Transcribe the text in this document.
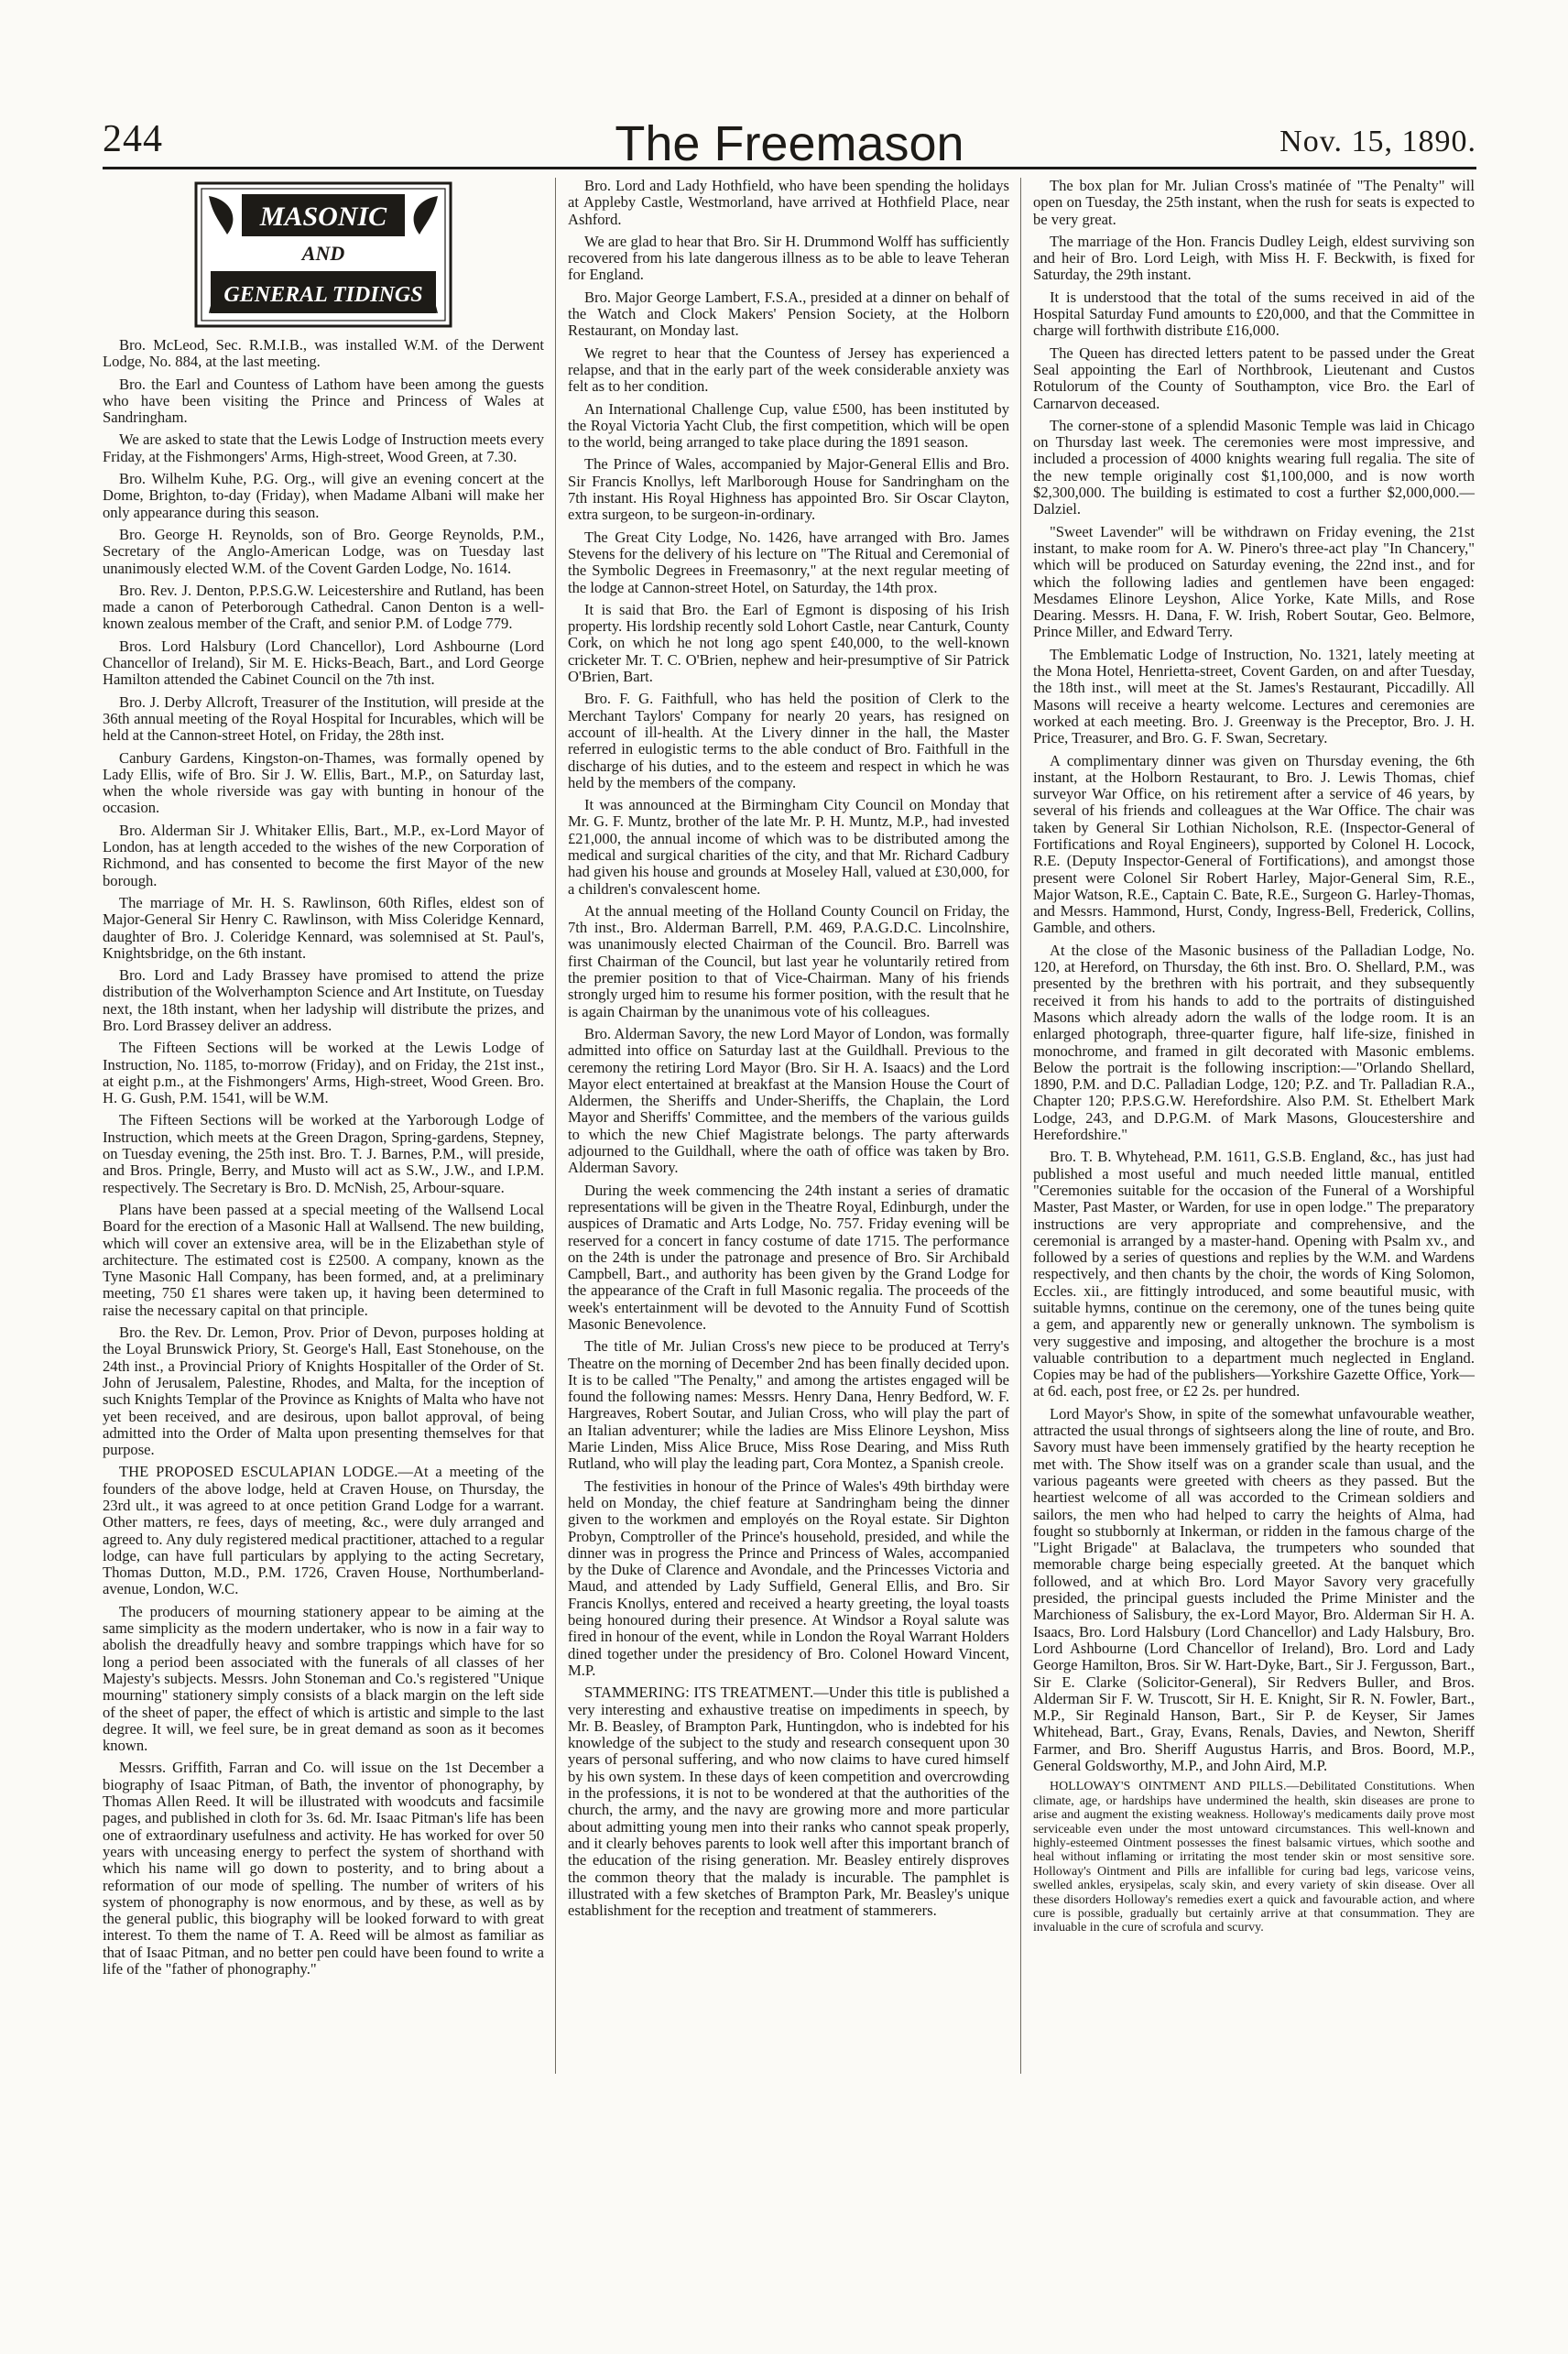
244	The Freemason	Nov. 15, 1890.
MASONIC
AND
GENERAL TIDINGS

Bro. McLeod, Sec. R.M.I.B., was installed W.M. of the Derwent Lodge, No. 884, at the last meeting.

Bro. the Earl and Countess of Lathom have been among the guests who have been visiting the Prince and Princess of Wales at Sandringham.

We are asked to state that the Lewis Lodge of Instruction meets every Friday, at the Fishmongers' Arms, High-street, Wood Green, at 7.30.

Bro. Wilhelm Kuhe, P.G. Org., will give an evening concert at the Dome, Brighton, to-day (Friday), when Madame Albani will make her only appearance during this season.

Bro. George H. Reynolds, son of Bro. George Reynolds, P.M., Secretary of the Anglo-American Lodge, was on Tuesday last unanimously elected W.M. of the Covent Garden Lodge, No. 1614.

Bro. Rev. J. Denton, P.P.S.G.W. Leicestershire and Rutland, has been made a canon of Peterborough Cathedral. Canon Denton is a well-known zealous member of the Craft, and senior P.M. of Lodge 779.

Bros. Lord Halsbury (Lord Chancellor), Lord Ashbourne (Lord Chancellor of Ireland), Sir M. E. Hicks-Beach, Bart., and Lord George Hamilton attended the Cabinet Council on the 7th inst.

Bro. J. Derby Allcroft, Treasurer of the Institution, will preside at the 36th annual meeting of the Royal Hospital for Incurables, which will be held at the Cannon-street Hotel, on Friday, the 28th inst.

Canbury Gardens, Kingston-on-Thames, was formally opened by Lady Ellis, wife of Bro. Sir J. W. Ellis, Bart., M.P., on Saturday last, when the whole riverside was gay with bunting in honour of the occasion.

Bro. Alderman Sir J. Whitaker Ellis, Bart., M.P., ex-Lord Mayor of London, has at length acceded to the wishes of the new Corporation of Richmond, and has consented to become the first Mayor of the new borough.

The marriage of Mr. H. S. Rawlinson, 60th Rifles, eldest son of Major-General Sir Henry C. Rawlinson, with Miss Coleridge Kennard, daughter of Bro. J. Coleridge Kennard, was solemnised at St. Paul's, Knightsbridge, on the 6th instant.

Bro. Lord and Lady Brassey have promised to attend the prize distribution of the Wolverhampton Science and Art Institute, on Tuesday next, the 18th instant, when her ladyship will distribute the prizes, and Bro. Lord Brassey deliver an address.

The Fifteen Sections will be worked at the Lewis Lodge of Instruction, No. 1185, to-morrow (Friday), and on Friday, the 21st inst., at eight p.m., at the Fishmongers' Arms, High-street, Wood Green. Bro. H. G. Gush, P.M. 1541, will be W.M.

The Fifteen Sections will be worked at the Yarborough Lodge of Instruction, which meets at the Green Dragon, Spring-gardens, Stepney, on Tuesday evening, the 25th inst. Bro. T. J. Barnes, P.M., will preside, and Bros. Pringle, Berry, and Musto will act as S.W., J.W., and I.P.M. respectively. The Secretary is Bro. D. McNish, 25, Arbour-square.

Plans have been passed at a special meeting of the Wallsend Local Board for the erection of a Masonic Hall at Wallsend. The new building, which will cover an extensive area, will be in the Elizabethan style of architecture. The estimated cost is £2500. A company, known as the Tyne Masonic Hall Company, has been formed, and, at a preliminary meeting, 750 £1 shares were taken up, it having been determined to raise the necessary capital on that principle.

Bro. the Rev. Dr. Lemon, Prov. Prior of Devon, purposes holding at the Loyal Brunswick Priory, St. George's Hall, East Stonehouse, on the 24th inst., a Provincial Priory of Knights Hospitaller of the Order of St. John of Jerusalem, Palestine, Rhodes, and Malta, for the inception of such Knights Templar of the Province as Knights of Malta who have not yet been received, and are desirous, upon ballot approval, of being admitted into the Order of Malta upon presenting themselves for that purpose.

THE PROPOSED ESCULAPIAN LODGE.—At a meeting of the founders of the above lodge, held at Craven House, on Thursday, the 23rd ult., it was agreed to at once petition Grand Lodge for a warrant. Other matters, re fees, days of meeting, &c., were duly arranged and agreed to. Any duly registered medical practitioner, attached to a regular lodge, can have full particulars by applying to the acting Secretary, Thomas Dutton, M.D., P.M. 1726, Craven House, Northumberland-avenue, London, W.C.

The producers of mourning stationery appear to be aiming at the same simplicity as the modern undertaker, who is now in a fair way to abolish the dreadfully heavy and sombre trappings which have for so long a period been associated with the funerals of all classes of her Majesty's subjects. Messrs. John Stoneman and Co.'s registered "Unique mourning" stationery simply consists of a black margin on the left side of the sheet of paper, the effect of which is artistic and simple to the last degree. It will, we feel sure, be in great demand as soon as it becomes known.

Messrs. Griffith, Farran and Co. will issue on the 1st December a biography of Isaac Pitman, of Bath, the inventor of phonography, by Thomas Allen Reed. It will be illustrated with woodcuts and facsimile pages, and published in cloth for 3s. 6d. Mr. Isaac Pitman's life has been one of extraordinary usefulness and activity. He has worked for over 50 years with unceasing energy to perfect the system of shorthand with which his name will go down to posterity, and to bring about a reformation of our mode of spelling. The number of writers of his system of phonography is now enormous, and by these, as well as by the general public, this biography will be looked forward to with great interest. To them the name of T. A. Reed will be almost as familiar as that of Isaac Pitman, and no better pen could have been found to write a life of the "father of phonography."

Bro. Lord and Lady Hothfield, who have been spending the holidays at Appleby Castle, Westmorland, have arrived at Hothfield Place, near Ashford.

We are glad to hear that Bro. Sir H. Drummond Wolff has sufficiently recovered from his late dangerous illness as to be able to leave Teheran for England.

Bro. Major George Lambert, F.S.A., presided at a dinner on behalf of the Watch and Clock Makers' Pension Society, at the Holborn Restaurant, on Monday last.

We regret to hear that the Countess of Jersey has experienced a relapse, and that in the early part of the week considerable anxiety was felt as to her condition.

An International Challenge Cup, value £500, has been instituted by the Royal Victoria Yacht Club, the first competition, which will be open to the world, being arranged to take place during the 1891 season.

The Prince of Wales, accompanied by Major-General Ellis and Bro. Sir Francis Knollys, left Marlborough House for Sandringham on the 7th instant. His Royal Highness has appointed Bro. Sir Oscar Clayton, extra surgeon, to be surgeon-in-ordinary.

The Great City Lodge, No. 1426, have arranged with Bro. James Stevens for the delivery of his lecture on "The Ritual and Ceremonial of the Symbolic Degrees in Freemasonry," at the next regular meeting of the lodge at Cannon-street Hotel, on Saturday, the 14th prox.

It is said that Bro. the Earl of Egmont is disposing of his Irish property. His lordship recently sold Lohort Castle, near Canturk, County Cork, on which he not long ago spent £40,000, to the well-known cricketer Mr. T. C. O'Brien, nephew and heir-presumptive of Sir Patrick O'Brien, Bart.

Bro. F. G. Faithfull, who has held the position of Clerk to the Merchant Taylors' Company for nearly 20 years, has resigned on account of ill-health. At the Livery dinner in the hall, the Master referred in eulogistic terms to the able conduct of Bro. Faithfull in the discharge of his duties, and to the esteem and respect in which he was held by the members of the company.

It was announced at the Birmingham City Council on Monday that Mr. G. F. Muntz, brother of the late Mr. P. H. Muntz, M.P., had invested £21,000, the annual income of which was to be distributed among the medical and surgical charities of the city, and that Mr. Richard Cadbury had given his house and grounds at Moseley Hall, valued at £30,000, for a children's convalescent home.

At the annual meeting of the Holland County Council on Friday, the 7th inst., Bro. Alderman Barrell, P.M. 469, P.A.G.D.C. Lincolnshire, was unanimously elected Chairman of the Council. Bro. Barrell was first Chairman of the Council, but last year he voluntarily retired from the premier position to that of Vice-Chairman. Many of his friends strongly urged him to resume his former position, with the result that he is again Chairman by the unanimous vote of his colleagues.

Bro. Alderman Savory, the new Lord Mayor of London, was formally admitted into office on Saturday last at the Guildhall. Previous to the ceremony the retiring Lord Mayor (Bro. Sir H. A. Isaacs) and the Lord Mayor elect entertained at breakfast at the Mansion House the Court of Aldermen, the Sheriffs and Under-Sheriffs, the Chaplain, the Lord Mayor and Sheriffs' Committee, and the members of the various guilds to which the new Chief Magistrate belongs. The party afterwards adjourned to the Guildhall, where the oath of office was taken by Bro. Alderman Savory.

During the week commencing the 24th instant a series of dramatic representations will be given in the Theatre Royal, Edinburgh, under the auspices of Dramatic and Arts Lodge, No. 757. Friday evening will be reserved for a concert in fancy costume of date 1715. The performance on the 24th is under the patronage and presence of Bro. Sir Archibald Campbell, Bart., and authority has been given by the Grand Lodge for the appearance of the Craft in full Masonic regalia. The proceeds of the week's entertainment will be devoted to the Annuity Fund of Scottish Masonic Benevolence.

The title of Mr. Julian Cross's new piece to be produced at Terry's Theatre on the morning of December 2nd has been finally decided upon. It is to be called "The Penalty," and among the artistes engaged will be found the following names: Messrs. Henry Dana, Henry Bedford, W. F. Hargreaves, Robert Soutar, and Julian Cross, who will play the part of an Italian adventurer; while the ladies are Miss Elinore Leyshon, Miss Marie Linden, Miss Alice Bruce, Miss Rose Dearing, and Miss Ruth Rutland, who will play the leading part, Cora Montez, a Spanish creole.

The festivities in honour of the Prince of Wales's 49th birthday were held on Monday, the chief feature at Sandringham being the dinner given to the workmen and employés on the Royal estate. Sir Dighton Probyn, Comptroller of the Prince's household, presided, and while the dinner was in progress the Prince and Princess of Wales, accompanied by the Duke of Clarence and Avondale, and the Princesses Victoria and Maud, and attended by Lady Suffield, General Ellis, and Bro. Sir Francis Knollys, entered and received a hearty greeting, the loyal toasts being honoured during their presence. At Windsor a Royal salute was fired in honour of the event, while in London the Royal Warrant Holders dined together under the presidency of Bro. Colonel Howard Vincent, M.P.

STAMMERING: ITS TREATMENT.—Under this title is published a very interesting and exhaustive treatise on impediments in speech, by Mr. B. Beasley, of Brampton Park, Huntingdon, who is indebted for his knowledge of the subject to the study and research consequent upon 30 years of personal suffering, and who now claims to have cured himself by his own system. In these days of keen competition and overcrowding in the professions, it is not to be wondered at that the authorities of the church, the army, and the navy are growing more and more particular about admitting young men into their ranks who cannot speak properly, and it clearly behoves parents to look well after this important branch of the education of the rising generation. Mr. Beasley entirely disproves the common theory that the malady is incurable. The pamphlet is illustrated with a few sketches of Brampton Park, Mr. Beasley's unique establishment for the reception and treatment of stammerers.

The box plan for Mr. Julian Cross's matinée of "The Penalty" will open on Tuesday, the 25th instant, when the rush for seats is expected to be very great.

The marriage of the Hon. Francis Dudley Leigh, eldest surviving son and heir of Bro. Lord Leigh, with Miss H. F. Beckwith, is fixed for Saturday, the 29th instant.

It is understood that the total of the sums received in aid of the Hospital Saturday Fund amounts to £20,000, and that the Committee in charge will forthwith distribute £16,000.

The Queen has directed letters patent to be passed under the Great Seal appointing the Earl of Northbrook, Lieutenant and Custos Rotulorum of the County of Southampton, vice Bro. the Earl of Carnarvon deceased.

The corner-stone of a splendid Masonic Temple was laid in Chicago on Thursday last week. The ceremonies were most impressive, and included a procession of 4000 knights wearing full regalia. The site of the new temple originally cost $1,100,000, and is now worth $2,300,000. The building is estimated to cost a further $2,000,000.—Dalziel.

"Sweet Lavender" will be withdrawn on Friday evening, the 21st instant, to make room for A. W. Pinero's three-act play "In Chancery," which will be produced on Saturday evening, the 22nd inst., and for which the following ladies and gentlemen have been engaged: Mesdames Elinore Leyshon, Alice Yorke, Kate Mills, and Rose Dearing. Messrs. H. Dana, F. W. Irish, Robert Soutar, Geo. Belmore, Prince Miller, and Edward Terry.

The Emblematic Lodge of Instruction, No. 1321, lately meeting at the Mona Hotel, Henrietta-street, Covent Garden, on and after Tuesday, the 18th inst., will meet at the St. James's Restaurant, Piccadilly. All Masons will receive a hearty welcome. Lectures and ceremonies are worked at each meeting. Bro. J. Greenway is the Preceptor, Bro. J. H. Price, Treasurer, and Bro. G. F. Swan, Secretary.

A complimentary dinner was given on Thursday evening, the 6th instant, at the Holborn Restaurant, to Bro. J. Lewis Thomas, chief surveyor War Office, on his retirement after a service of 46 years, by several of his friends and colleagues at the War Office. The chair was taken by General Sir Lothian Nicholson, R.E. (Inspector-General of Fortifications and Royal Engineers), supported by Colonel H. Locock, R.E. (Deputy Inspector-General of Fortifications), and amongst those present were Colonel Sir Robert Harley, Major-General Sim, R.E., Major Watson, R.E., Captain C. Bate, R.E., Surgeon G. Harley-Thomas, and Messrs. Hammond, Hurst, Condy, Ingress-Bell, Frederick, Collins, Gamble, and others.

At the close of the Masonic business of the Palladian Lodge, No. 120, at Hereford, on Thursday, the 6th inst. Bro. O. Shellard, P.M., was presented by the brethren with his portrait, and they subsequently received it from his hands to add to the portraits of distinguished Masons which already adorn the walls of the lodge room. It is an enlarged photograph, three-quarter figure, half life-size, finished in monochrome, and framed in gilt decorated with Masonic emblems. Below the portrait is the following inscription:—"Orlando Shellard, 1890, P.M. and D.C. Palladian Lodge, 120; P.Z. and Tr. Palladian R.A., Chapter 120; P.P.S.G.W. Herefordshire. Also P.M. St. Ethelbert Mark Lodge, 243, and D.P.G.M. of Mark Masons, Gloucestershire and Herefordshire."

Bro. T. B. Whytehead, P.M. 1611, G.S.B. England, &c., has just had published a most useful and much needed little manual, entitled "Ceremonies suitable for the occasion of the Funeral of a Worshipful Master, Past Master, or Warden, for use in open lodge." The preparatory instructions are very appropriate and comprehensive, and the ceremonial is arranged by a master-hand. Opening with Psalm xv., and followed by a series of questions and replies by the W.M. and Wardens respectively, and then chants by the choir, the words of King Solomon, Eccles. xii., are fittingly introduced, and some beautiful music, with suitable hymns, continue on the ceremony, one of the tunes being quite a gem, and apparently new or generally unknown. The symbolism is very suggestive and imposing, and altogether the brochure is a most valuable contribution to a department much neglected in England. Copies may be had of the publishers—Yorkshire Gazette Office, York—at 6d. each, post free, or £2 2s. per hundred.

Lord Mayor's Show, in spite of the somewhat unfavourable weather, attracted the usual throngs of sightseers along the line of route, and Bro. Savory must have been immensely gratified by the hearty reception he met with. The Show itself was on a grander scale than usual, and the various pageants were greeted with cheers as they passed. But the heartiest welcome of all was accorded to the Crimean soldiers and sailors, the men who had helped to carry the heights of Alma, had fought so stubbornly at Inkerman, or ridden in the famous charge of the "Light Brigade" at Balaclava, the trumpeters who sounded that memorable charge being especially greeted. At the banquet which followed, and at which Bro. Lord Mayor Savory very gracefully presided, the principal guests included the Prime Minister and the Marchioness of Salisbury, the ex-Lord Mayor, Bro. Alderman Sir H. A. Isaacs, Bro. Lord Halsbury (Lord Chancellor) and Lady Halsbury, Bro. Lord Ashbourne (Lord Chancellor of Ireland), Bro. Lord and Lady George Hamilton, Bros. Sir W. Hart-Dyke, Bart., Sir J. Fergusson, Bart., Sir E. Clarke (Solicitor-General), Sir Redvers Buller, and Bros. Alderman Sir F. W. Truscott, Sir H. E. Knight, Sir R. N. Fowler, Bart., M.P., Sir Reginald Hanson, Bart., Sir P. de Keyser, Sir James Whitehead, Bart., Gray, Evans, Renals, Davies, and Newton, Sheriff Farmer, and Bro. Sheriff Augustus Harris, and Bros. Boord, M.P., General Goldsworthy, M.P., and John Aird, M.P.

HOLLOWAY'S OINTMENT AND PILLS.—Debilitated Constitutions. When climate, age, or hardships have undermined the health, skin diseases are prone to arise and augment the existing weakness. Holloway's medicaments daily prove most serviceable even under the most untoward circumstances. This well-known and highly-esteemed Ointment possesses the finest balsamic virtues, which soothe and heal without inflaming or irritating the most tender skin or most sensitive sore. Holloway's Ointment and Pills are infallible for curing bad legs, varicose veins, swelled ankles, erysipelas, scaly skin, and every variety of skin disease. Over all these disorders Holloway's remedies exert a quick and favourable action, and where cure is possible, gradually but certainly arrive at that consummation. They are invaluable in the cure of scrofula and scurvy.
